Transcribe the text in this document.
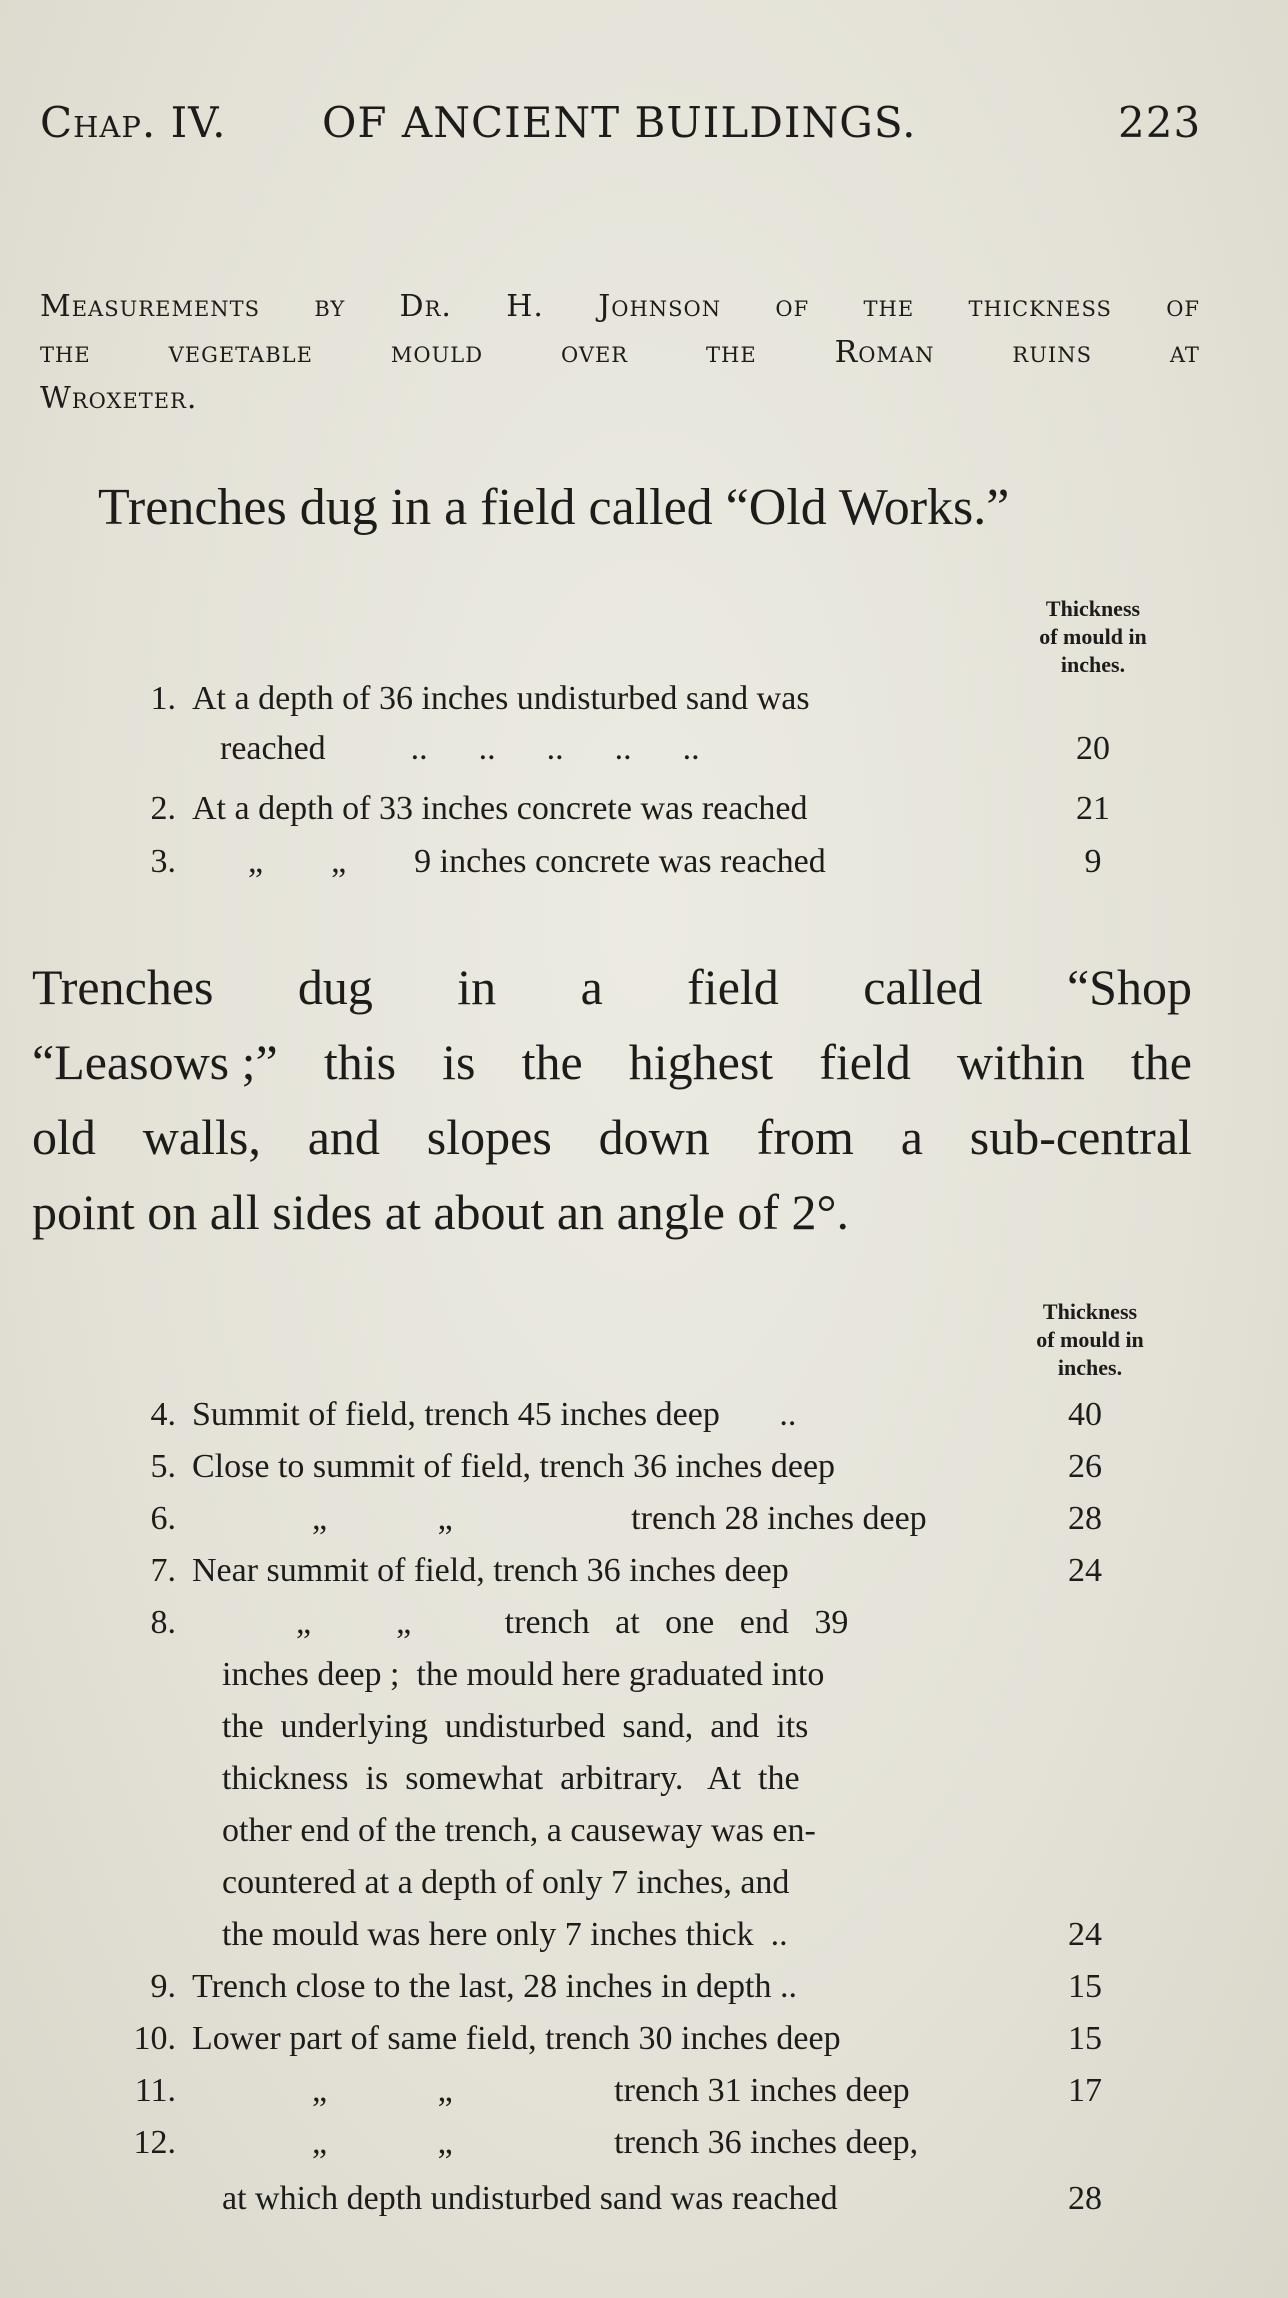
Chap. IV. OF ANCIENT BUILDINGS.	223
Measurements by Dr. H. Johnson of the thickness of
the	vegetable	mould	over	the	Roman	ruins	at
Wroxeter.
Trenches dug in a field called “Old Works.”
Thickness
of mould in
inches.
1. At a depth of 36 inches undisturbed sand was
reached          ..      ..      ..      ..      ..	20
2. At a depth of 33 inches concrete was reached	21
3. „        „        9 inches concrete was reached	9
Trenches dug in a field called “Shop
“Leasows ;” this is the highest field within the
old walls, and slopes down from a sub-central
point on all sides at about an angle of 2°.
Thickness
of mould in
inches.
4. Summit of field, trench 45 inches deep       ..	40
5. Close to summit of field, trench 36 inches deep	26
6.	„             „                     trench 28 inches deep	28
7. Near summit of field, trench 36 inches deep	24
8.	„          „           trench   at   one   end   39
inches deep ;  the mould here graduated into
the  underlying  undisturbed  sand,  and  its
thickness  is  somewhat  arbitrary.   At  the
other end of the trench, a causeway was en-
countered at a depth of only 7 inches, and
the mould was here only 7 inches thick  ..	24
9. Trench close to the last, 28 inches in depth ..	15
10. Lower part of same field, trench 30 inches deep	15
11.	„             „                   trench 31 inches deep	17
12.	„             „                   trench 36 inches deep,
at which depth undisturbed sand was reached	28
